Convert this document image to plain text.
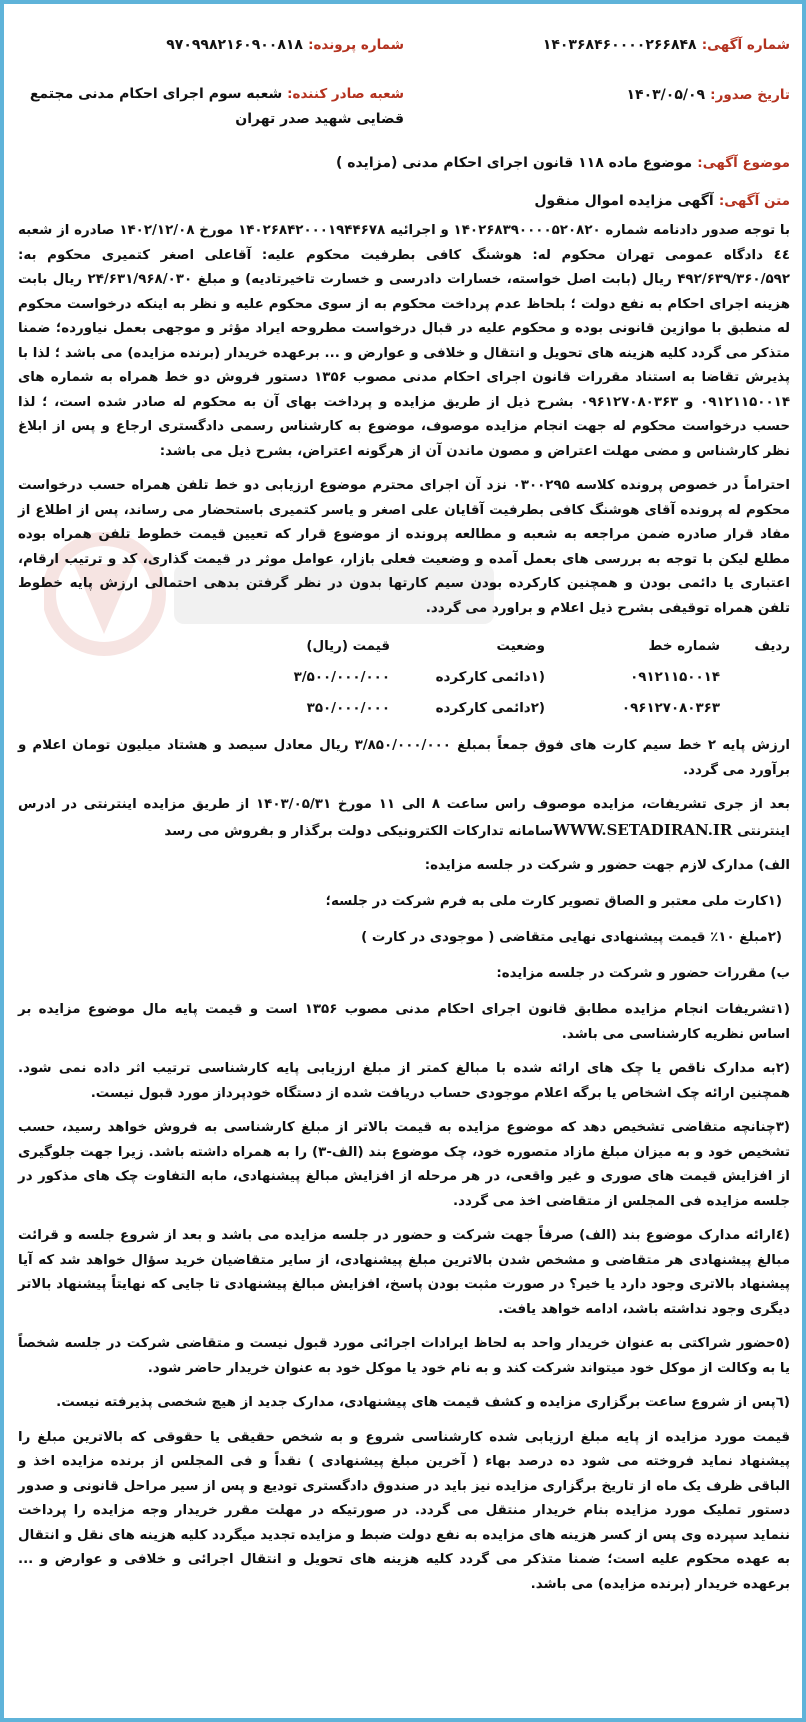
شماره آگهی: ۱۴۰۳۶۸۴۶۰۰۰۰۲۶۶۸۴۸
تاریخ صدور: ۱۴۰۳/۰۵/۰۹
شماره پرونده: ۹۷۰۹۹۸۲۱۶۰۹۰۰۸۱۸
شعبه صادر کننده: شعبه سوم اجرای احکام مدنی مجتمع قضایی شهید صدر تهران
موضوع آگهی: موضوع ماده ۱۱۸ قانون اجرای احکام مدنی (مزایده )
متن آگهی: آگهی مزایده اموال منقول

با توجه صدور دادنامه شماره ۱۴۰۲۶۸۳۹۰۰۰۰۵۲۰۸۲۰ و اجرائیه ۱۴۰۲۶۸۴۲۰۰۰۱۹۴۴۶۷۸ مورخ ۱۴۰۲/۱۲/۰۸ صادره از شعبه ٤٤ دادگاه عمومی تهران محکوم له: هوشنگ کافی بطرفیت محکوم علیه: آقاعلی اصغر کتمیری محکوم به: ۴۹۲/۶۳۹/۳۶۰/۵۹۲ ریال (بابت اصل خواسته، خسارات دادرسی و خسارت تاخیرتادیه) و مبلغ ۲۴/۶۳۱/۹۶۸/۰۳۰ ریال بابت هزینه اجرای احکام به نفع دولت ؛ بلحاظ عدم پرداخت محکوم به از سوی محکوم علیه و نظر به اینکه درخواست محکوم له منطبق با موازین قانونی بوده و محکوم علیه در قبال درخواست مطروحه ایراد مؤثر و موجهی بعمل نیاورده؛ ضمنا متذکر می گردد کلیه هزینه های تحویل و انتقال و خلافی و عوارض و ... برعهده خریدار (برنده مزایده) می باشد ؛ لذا با پذیرش تقاضا به استناد مقررات قانون اجرای احکام مدنی مصوب ۱۳۵۶ دستور فروش دو خط همراه به شماره های ۰۹۱۲۱۱۵۰۰۱۴ و ۰۹۶۱۲۷۰۸۰۳۶۳ بشرح ذیل از طریق مزایده و پرداخت بهای آن به محکوم له صادر شده است، ؛ لذا حسب درخواست محکوم له جهت انجام مزایده موصوف، موضوع به کارشناس رسمی دادگستری ارجاع و پس از ابلاغ نظر کارشناس و مضی مهلت اعتراض و مصون ماندن آن از هرگونه اعتراض، بشرح ذیل می باشد:

احتراماً در خصوص پرونده کلاسه ۰۳۰۰۲۹۵ نزد آن اجرای محترم موضوع ارزیابی دو خط تلفن همراه حسب درخواست محکوم له پرونده آقای هوشنگ کافی بطرفیت آقایان علی اصغر و یاسر کتمیری باستحضار می رساند، پس از اطلاع از مفاد قرار صادره ضمن مراجعه به شعبه و مطالعه پرونده از موضوع قرار که تعیین قیمت خطوط تلفن همراه بوده مطلع لیکن با توجه به بررسی های بعمل آمده و وضعیت فعلی بازار، عوامل موثر در قیمت گذاری، کد و ترتیب ارقام، اعتباری یا دائمی بودن و همچنین کارکرده بودن سیم کارتها بدون در نظر گرفتن بدهی احتمالی ارزش پایه خطوط تلفن همراه توقیفی بشرح ذیل اعلام و براورد می گردد.

ردیف	شماره خط	وضعیت	قیمت (ریال)
	۰۹۱۲۱۱۵۰۰۱۴	(۱دائمی کارکرده	۳/۵۰۰/۰۰۰/۰۰۰
	۰۹۶۱۲۷۰۸۰۳۶۳	(۲دائمی کارکرده	۳۵۰/۰۰۰/۰۰۰

ارزش پایه ۲ خط سیم کارت های فوق جمعاً بمبلغ ۳/۸۵۰/۰۰۰/۰۰۰ ریال معادل سیصد و هشتاد میلیون تومان اعلام و برآورد می گردد.

بعد از جری تشریفات، مزایده موصوف راس ساعت ۸ الی ۱۱ مورخ ۱۴۰۳/۰۵/۳۱ از طریق مزایده اینترنتی در ادرس اینترنتی WWW.SETADIRAN.IRسامانه تدارکات الکترونیکی دولت برگذار و بفروش می رسد

الف) مدارک لازم جهت حضور و شرکت در جلسه مزایده:
(۱کارت ملی معتبر و الصاق تصویر کارت ملی به فرم شرکت در جلسه؛
(۲مبلغ ۱۰٪ قیمت پیشنهادی نهایی متقاضی ( موجودی در کارت )
ب) مقررات حضور و شرکت در جلسه مزایده:

(۱تشریفات انجام مزایده مطابق قانون اجرای احکام مدنی مصوب ۱۳۵۶ است و قیمت پایه مال موضوع مزایده بر اساس نظریه کارشناسی می باشد.

(۲به مدارک ناقص یا چک های ارائه شده با مبالغ کمتر از مبلغ ارزیابی پایه کارشناسی ترتیب اثر داده نمی شود. همچنین ارائه چک اشخاص یا برگه اعلام موجودی حساب دریافت شده از دستگاه خودپرداز مورد قبول نیست.

(۳چنانچه متقاضی تشخیص دهد که موضوع مزایده به قیمت بالاتر از مبلغ کارشناسی به فروش خواهد رسید، حسب تشخیص خود و به میزان مبلغ مازاد متصوره خود، چک موضوع بند (الف-۳) را به همراه داشته باشد. زیرا جهت جلوگیری از افزایش قیمت های صوری و غیر واقعی، در هر مرحله از افزایش مبالغ پیشنهادی، مابه التفاوت چک های مذکور در جلسه مزایده فی المجلس از متقاضی اخذ می گردد.

(٤ارائه مدارک موضوع بند (الف) صرفاً جهت شرکت و حضور در جلسه مزایده می باشد و بعد از شروع جلسه و قرائت مبالغ پیشنهادی هر متقاضی و مشخص شدن بالاترین مبلغ پیشنهادی، از سایر متقاضیان خرید سؤال خواهد شد که آیا پیشنهاد بالاتری وجود دارد یا خیر؟ در صورت مثبت بودن پاسخ، افزایش مبالغ پیشنهادی تا جایی که نهایتاً پیشنهاد بالاتر دیگری وجود نداشته باشد، ادامه خواهد یافت.

(٥حضور شراکتی به عنوان خریدار واحد به لحاظ ایرادات اجرائی مورد قبول نیست و متقاضی شرکت در جلسه شخصاً یا به وکالت از موکل خود میتواند شرکت کند و به نام خود یا موکل خود به عنوان خریدار حاضر شود.

(٦پس از شروع ساعت برگزاری مزایده و کشف قیمت های پیشنهادی، مدارک جدید از هیچ شخصی پذیرفته نیست.

قیمت مورد مزایده از پایه مبلغ ارزیابی شده کارشناسی شروع و به شخص حقیقی یا حقوقی که بالاترین مبلغ را پیشنهاد نماید فروخته می شود ده درصد بهاء ( آخرین مبلغ پیشنهادی ) نقداً و فی المجلس از برنده مزایده اخذ و الباقی ظرف یک ماه از تاریخ برگزاری مزایده نیز باید در صندوق دادگستری تودیع و پس از سیر مراحل قانونی و صدور دستور تملیک مورد مزایده بنام خریدار منتقل می گردد. در صورتیکه در مهلت مقرر خریدار وجه مزایده را پرداخت ننماید سپرده وی پس از کسر هزینه های مزایده به نفع دولت ضبط و مزایده تجدید میگردد کلیه هزینه های نقل و انتقال به عهده محکوم علیه است؛ ضمنا متذکر می گردد کلیه هزینه های تحویل و انتقال اجرائی و خلافی و عوارض و ... برعهده خریدار (برنده مزایده) می باشد.
